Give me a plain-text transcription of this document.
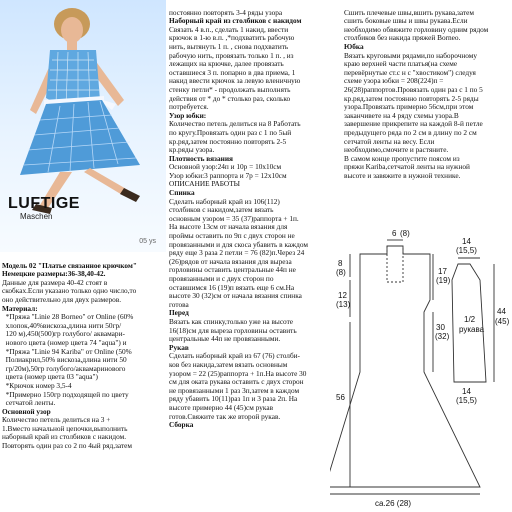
LUFTIGE
Maschen
05 ys

Модель 02 "Платье связанное крючком"
Немецкие размеры:36-38,40-42.
Данные для размера 40-42 стоят в
скобках.Если указано только одно число,то
оно действительно для двух размеров.
Материал:
*Пряжа "Linie 28 Borneo" от Online (60%
хлопок,40%вискоза,длина нити 50гр/
120 м),450(500)гр голубого/ аквамари-
нового цвета (номер цвета 74 "aqua") и
*Пряжа "Linie 94 Kariba" от Online (50%
Полиакрил,50% вискоза,длина нити 50
гр/20м),50гр голубого/аквамаринового
цвета (номер цвета 03 "aqua")
*Крючок номер 3,5-4
*Примерно 150гр подходящей по цвету
сетчатой ленты.
Основной узор
Количество петель делиться на 3 +
1.Вместо начальной цепочки,выполнить
наборный край из столбиков с накидом.
Повторять один раз со 2 по 4ый ряд,затем

постоянно повторять 3-4 ряды узора
Наборный край из столбиков с накидом
Связать 4 в.п., сделать 1 накид, ввести
крючок в 1-ю в.п. ,*подхватить рабочую
нить, вытянуть 1 п. , снова подхватить
рабочую нить, провязать только 1 п. , из
лежащих на крючке, далее провязать
оставшиеся 3 п. попарно в два приема, 1
накид ввести крючок за левую вленичную
стенку петли* - продолжать выполнять
действия от * до * столько раз, сколько
потребуется.
Узор юбки:
Количество петель делиться на 8 Работать
по кругу.Провязать один раз с 1 по 5ый
кр.ряд,затем постоянно повторять 2-5
кр.ряды узора.
Плотность вязания
Основной узор:24п и 10р = 10х10см
Узор юбки:3 раппорта и 7р = 12х10см
ОПИСАНИЕ РАБОТЫ
Спинка
Сделать наборный край из 106(112)
столбиков с накидом,затем вязать
основным узором = 35 (37)раппорта + 1п.
На высоте 13см от начала вязания для
проймы оставить по 9п с двух сторон не
провязанными и для скоса убавить в каждом
ряду еще 3 раза 2 петли = 76 (82)п.Через 24
(26)рядов от начала вязания для выреза
горловины оставить центральные 44п не
провязанными и с двух сторон по
оставшимся 16 (19)п вязать еще 6 см.На
высоте 30 (32)см от начала вязания спинка
готова
Перед
Вязать как спинку,только уже на высоте
16(18)см для выреза горловины оставить
центральные 44п не провязанными.
Рукав
Сделать наборный край из 67 (76) столби-
ков без накида,затем вязать основным
узором = 22 (25)раппорта + 1п.На высоте 30
см для оката рукава оставить с двух сторон
не провязанными 1 раз 3п,затем в каждом
ряду убавить 10(11)раз 1п и 3 раза 2п. На
высоте примерно 44 (45)см рукав
готов.Свяжите так же второй рукав.
Сборка

Сшить плечевые швы,вшить рукава,затем
сшить боковые швы и швы рукава.Если
необходимо обвяжите горловину одним рядом
столбиков без накида пряжей Borneo.
Юбка
Вязать круговыми рядами,по наборочному
краю верхней части платья(на схеме
перевёрнутые ст.с н с "хвостиком") следуя
схеме узора юбки = 208(224)п =
26(28)раппортов.Провязать один раз с 1 по 5
кр.ряд,затем постоянно повторять 2-5 ряды
узора.Провязать примерно 56см,при этом
заканчивете на 4 ряду схемы узора.В
завершение прикрепите на каждой 8-й петле
предыдущего ряда по 2 см в длину по 2 см
сетчатой ленты на весу. Если
необходимо,смочите и растяните.
В самом конце пропустите поясом из
пряжи Kariba,сетчатой ленты на нужной
высоте и завяжите в нужной технике.

6 (8)
8
(8)	17
(19)
14
(15,5)
12
(13)
30
(32)
1/2
рукава
44
(45)
56
14
(15,5)
ca.26 (28)
